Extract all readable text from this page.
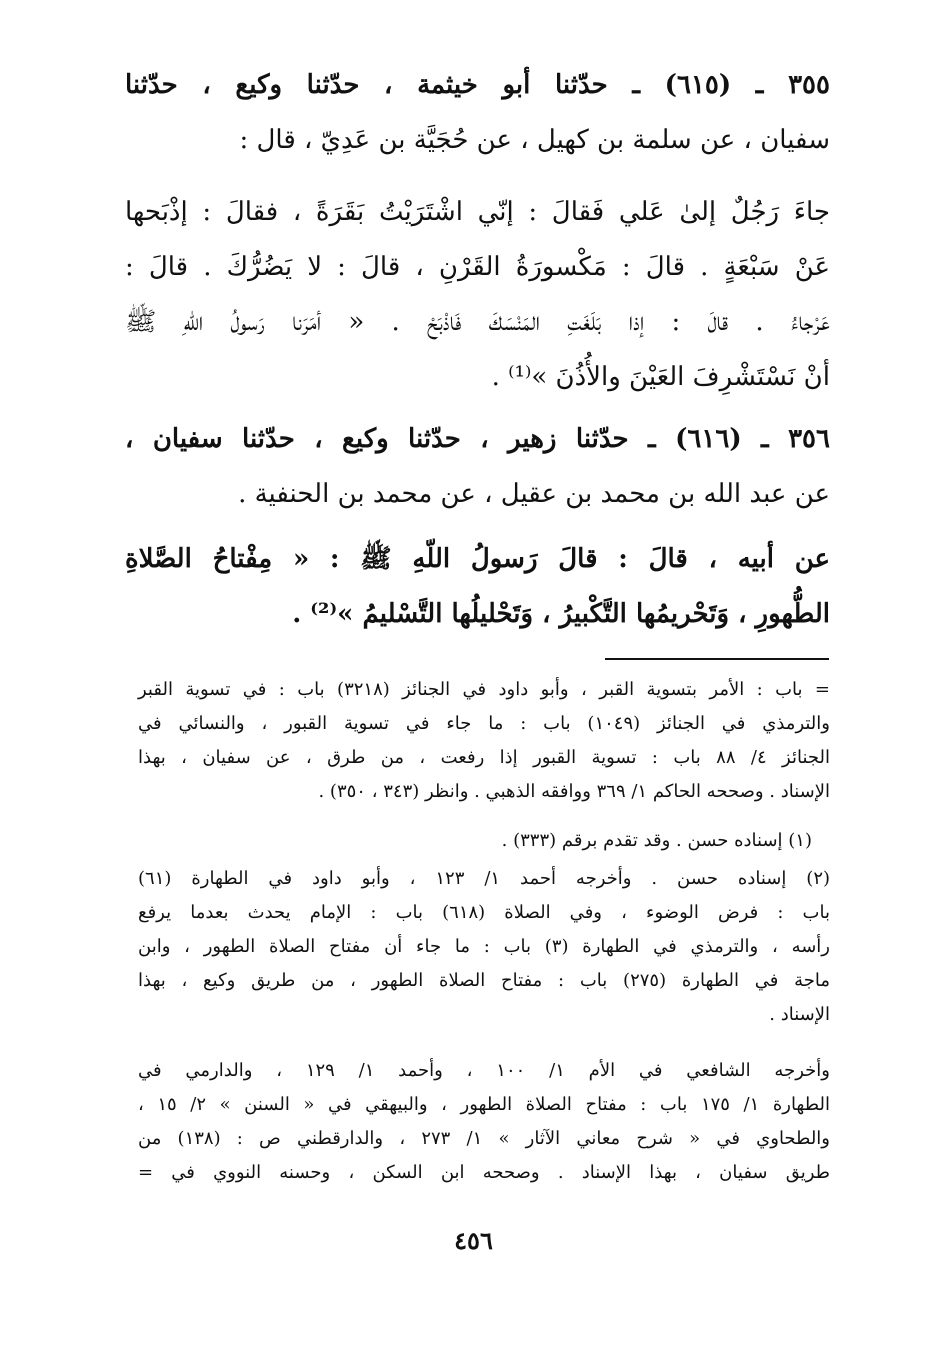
٣٥٥ ـ (٦١٥) ـ حدّثنا أبو خيثمة ، حدّثنا وكيع ، حدّثنا
سفيان ، عن سلمة بن كهيل ، عن حُجَيَّة بن عَدِيّ ، قال :
جاءَ رَجُلٌ إلىٰ عَلي فَقالَ : إنّي اشْتَرَيْتُ بَقَرَةً ، فقالَ : إذْبَحها
عَنْ سَبْعَةٍ . قالَ : مَكْسورَةُ القَرْنِ ، قالَ : لا يَضُرُّكَ . قالَ :
عَرْجاءُ . قالَ : إذا بَلَغَتِ المَنْسَكَ فَاذْبَحْ . « أمَرَنا رَسولُ اللّهِ ﷺ
أنْ نَسْتَشْرِفَ العَيْنَ والأُذُنَ »⁽¹⁾ .
٣٥٦ ـ (٦١٦) ـ حدّثنا زهير ، حدّثنا وكيع ، حدّثنا سفيان ،
عن عبد الله بن محمد بن عقيل ، عن محمد بن الحنفية .
عن أبيه ، قالَ : قالَ رَسولُ اللّهِ ﷺ : « مِفْتاحُ الصَّلاةِ
الطُّهورِ ، وَتَحْريمُها التَّكْبيرُ ، وَتَحْليلُها التَّسْليمُ »⁽²⁾ .
= باب : الأمر بتسوية القبر ، وأبو داود في الجنائز (٣٢١٨) باب : في تسوية القبر
والترمذي في الجنائز (١٠٤٩) باب : ما جاء في تسوية القبور ، والنسائي في
الجنائز ٤/ ٨٨ باب : تسوية القبور إذا رفعت ، من طرق ، عن سفيان ، بهذا
الإسناد . وصححه الحاكم ١/ ٣٦٩ ووافقه الذهبي . وانظر (٣٤٣ ، ٣٥٠) .
(١) إسناده حسن . وقد تقدم برقم (٣٣٣) .
(٢) إسناده حسن . وأخرجه أحمد ١/ ١٢٣ ، وأبو داود في الطهارة (٦١)
باب : فرض الوضوء ، وفي الصلاة (٦١٨) باب : الإمام يحدث بعدما يرفع
رأسه ، والترمذي في الطهارة (٣) باب : ما جاء أن مفتاح الصلاة الطهور ، وابن
ماجة في الطهارة (٢٧٥) باب : مفتاح الصلاة الطهور ، من طريق وكيع ، بهذا
الإسناد .
وأخرجه الشافعي في الأم ١/ ١٠٠ ، وأحمد ١/ ١٢٩ ، والدارمي في
الطهارة ١/ ١٧٥ باب : مفتاح الصلاة الطهور ، والبيهقي في « السنن » ٢/ ١٥ ،
والطحاوي في « شرح معاني الآثار » ١/ ٢٧٣ ، والدارقطني ص : (١٣٨) من
طريق سفيان ، بهذا الإسناد . وصححه ابن السكن ، وحسنه النووي في =
٤٥٦
